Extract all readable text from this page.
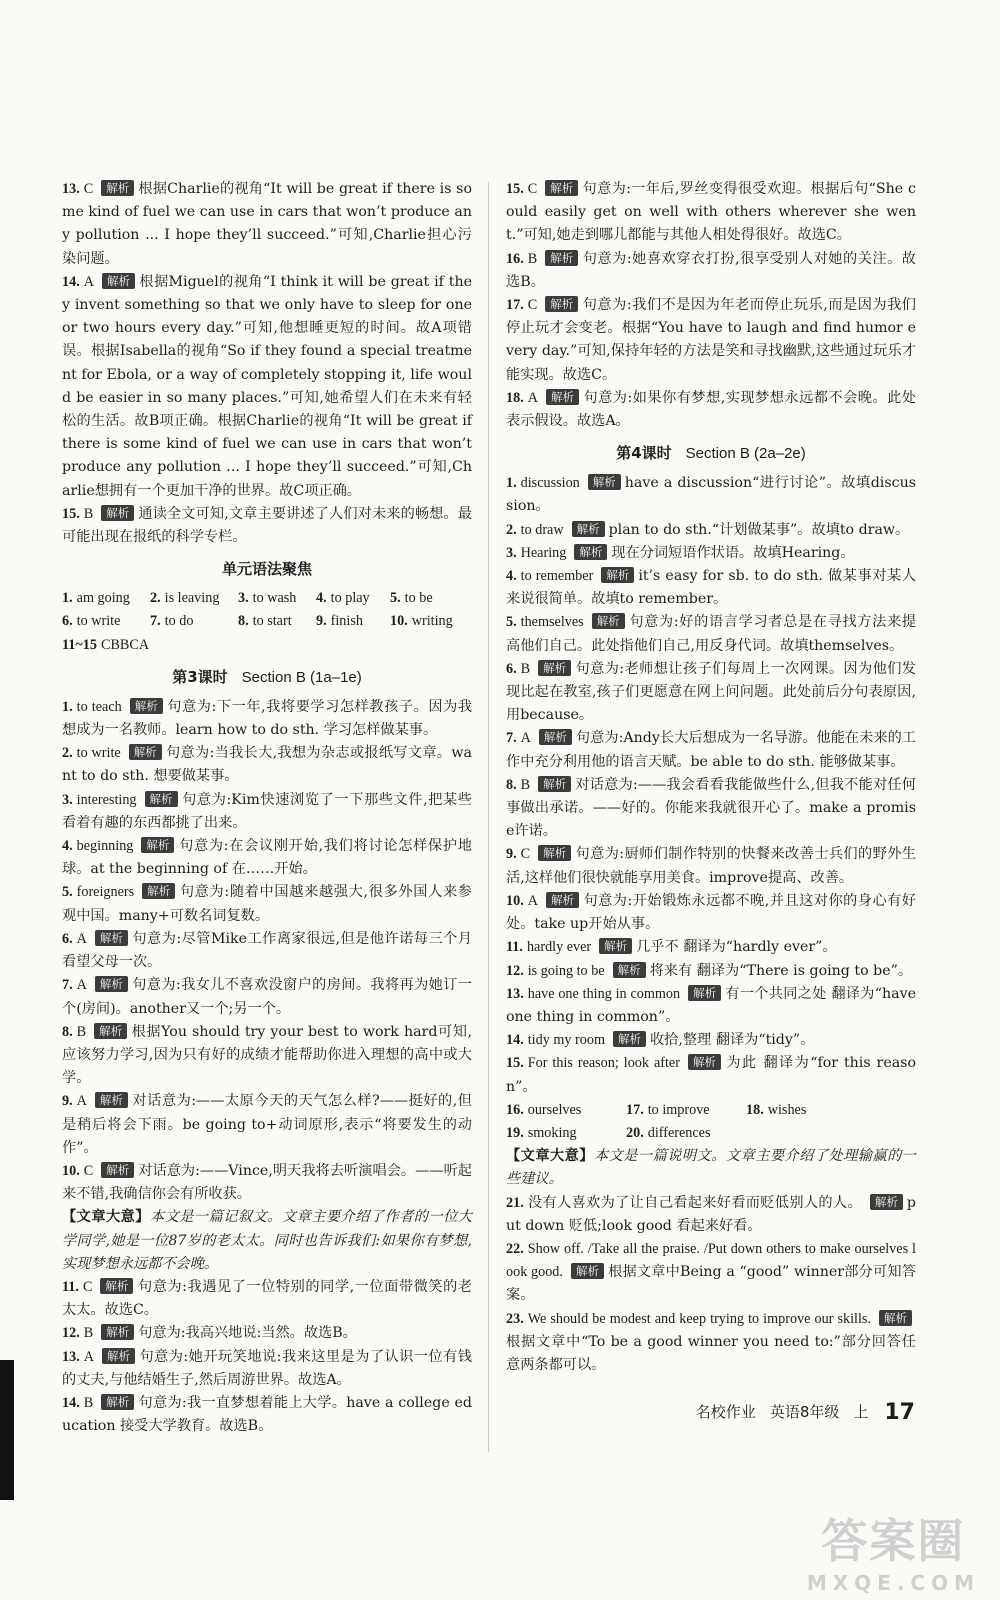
13. C 解析 根据Charlie的视角“It will be great if there is some kind of fuel we can use in cars that won’t produce any pollution ... I hope they’ll succeed.”可知,Charlie担心污染问题。

14. A 解析 根据Miguel的视角“I think it will be great if they invent something so that we only have to sleep for one or two hours every day.”可知,他想睡更短的时间。故A项错误。根据Isabella的视角“So if they found a special treatment for Ebola, or a way of completely stopping it, life would be easier in so many places.”可知,她希望人们在未来有轻松的生活。故B项正确。根据Charlie的视角“It will be great if there is some kind of fuel we can use in cars that won’t produce any pollution ... I hope they’ll succeed.”可知,Charlie想拥有一个更加干净的世界。故C项正确。

15. B 解析 通读全文可知,文章主要讲述了人们对未来的畅想。最可能出现在报纸的科学专栏。

单元语法聚焦
1. am going	2. is leaving	3. to wash	4. to play	5. to be
6. to write	7. to do	8. to start	9. finish	10. writing
11~15 CBBCA
第3课时 Section B (1a–1e)

1. to teach 解析 句意为:下一年,我将要学习怎样教孩子。因为我想成为一名教师。learn how to do sth. 学习怎样做某事。

2. to write 解析 句意为:当我长大,我想为杂志或报纸写文章。want to do sth. 想要做某事。

3. interesting 解析 句意为:Kim快速浏览了一下那些文件,把某些看着有趣的东西都挑了出来。

4. beginning 解析 句意为:在会议刚开始,我们将讨论怎样保护地球。at the beginning of 在……开始。

5. foreigners 解析 句意为:随着中国越来越强大,很多外国人来参观中国。many+可数名词复数。

6. A 解析 句意为:尽管Mike工作离家很远,但是他许诺每三个月看望父母一次。

7. A 解析 句意为:我女儿不喜欢没窗户的房间。我将再为她订一个(房间)。another又一个;另一个。

8. B 解析 根据You should try your best to work hard可知,应该努力学习,因为只有好的成绩才能帮助你进入理想的高中或大学。

9. A 解析 对话意为:——太原今天的天气怎么样?——挺好的,但是稍后将会下雨。be going to+动词原形,表示“将要发生的动作”。

10. C 解析 对话意为:——Vince,明天我将去听演唱会。——听起来不错,我确信你会有所收获。

【文章大意】本文是一篇记叙文。文章主要介绍了作者的一位大学同学,她是一位87岁的老太太。同时也告诉我们:如果你有梦想,实现梦想永远都不会晚。

11. C 解析 句意为:我遇见了一位特别的同学,一位面带微笑的老太太。故选C。

12. B 解析 句意为:我高兴地说:当然。故选B。

13. A 解析 句意为:她开玩笑地说:我来这里是为了认识一位有钱的丈夫,与他结婚生子,然后周游世界。故选A。

14. B 解析 句意为:我一直梦想着能上大学。have a college education 接受大学教育。故选B。

15. C 解析 句意为:一年后,罗丝变得很受欢迎。根据后句“She could easily get on well with others wherever she went.”可知,她走到哪儿都能与其他人相处得很好。故选C。

16. B 解析 句意为:她喜欢穿衣打扮,很享受别人对她的关注。故选B。

17. C 解析 句意为:我们不是因为年老而停止玩乐,而是因为我们停止玩才会变老。根据“You have to laugh and find humor every day.”可知,保持年轻的方法是笑和寻找幽默,这些通过玩乐才能实现。故选C。

18. A 解析 句意为:如果你有梦想,实现梦想永远都不会晚。此处表示假设。故选A。

第4课时 Section B (2a–2e)

1. discussion 解析 have a discussion“进行讨论”。故填discussion。

2. to draw 解析 plan to do sth.“计划做某事”。故填to draw。

3. Hearing 解析 现在分词短语作状语。故填Hearing。

4. to remember 解析 it’s easy for sb. to do sth. 做某事对某人来说很简单。故填to remember。

5. themselves 解析 句意为:好的语言学习者总是在寻找方法来提高他们自己。此处指他们自己,用反身代词。故填themselves。

6. B 解析 句意为:老师想让孩子们每周上一次网课。因为他们发现比起在教室,孩子们更愿意在网上问问题。此处前后分句表原因,用because。

7. A 解析 句意为:Andy长大后想成为一名导游。他能在未来的工作中充分利用他的语言天赋。be able to do sth. 能够做某事。

8. B 解析 对话意为:——我会看看我能做些什么,但我不能对任何事做出承诺。——好的。你能来我就很开心了。make a promise许诺。

9. C 解析 句意为:厨师们制作特别的快餐来改善士兵们的野外生活,这样他们很快就能享用美食。improve提高、改善。

10. A 解析 句意为:开始锻炼永远都不晚,并且这对你的身心有好处。take up开始从事。

11. hardly ever 解析 几乎不 翻译为“hardly ever”。

12. is going to be 解析 将来有 翻译为“There is going to be”。

13. have one thing in common 解析 有一个共同之处 翻译为“have one thing in common”。

14. tidy my room 解析 收拾,整理 翻译为“tidy”。

15. For this reason; look after 解析 为此 翻译为“for this reason”。

16. ourselves	17. to improve	18. wishes
19. smoking	20. differences

【文章大意】本文是一篇说明文。文章主要介绍了处理输赢的一些建议。

21. 没有人喜欢为了让自己看起来好看而贬低别人的人。 解析 put down 贬低;look good 看起来好看。

22. Show off. /Take all the praise. /Put down others to make ourselves look good. 解析 根据文章中Being a “good” winner部分可知答案。

23. We should be modest and keep trying to improve our skills. 解析根据文章中“To be a good winner you need to:”部分回答任意两条都可以。

名校作业 英语8年级 上 17
答案圈
MXQE.COM
